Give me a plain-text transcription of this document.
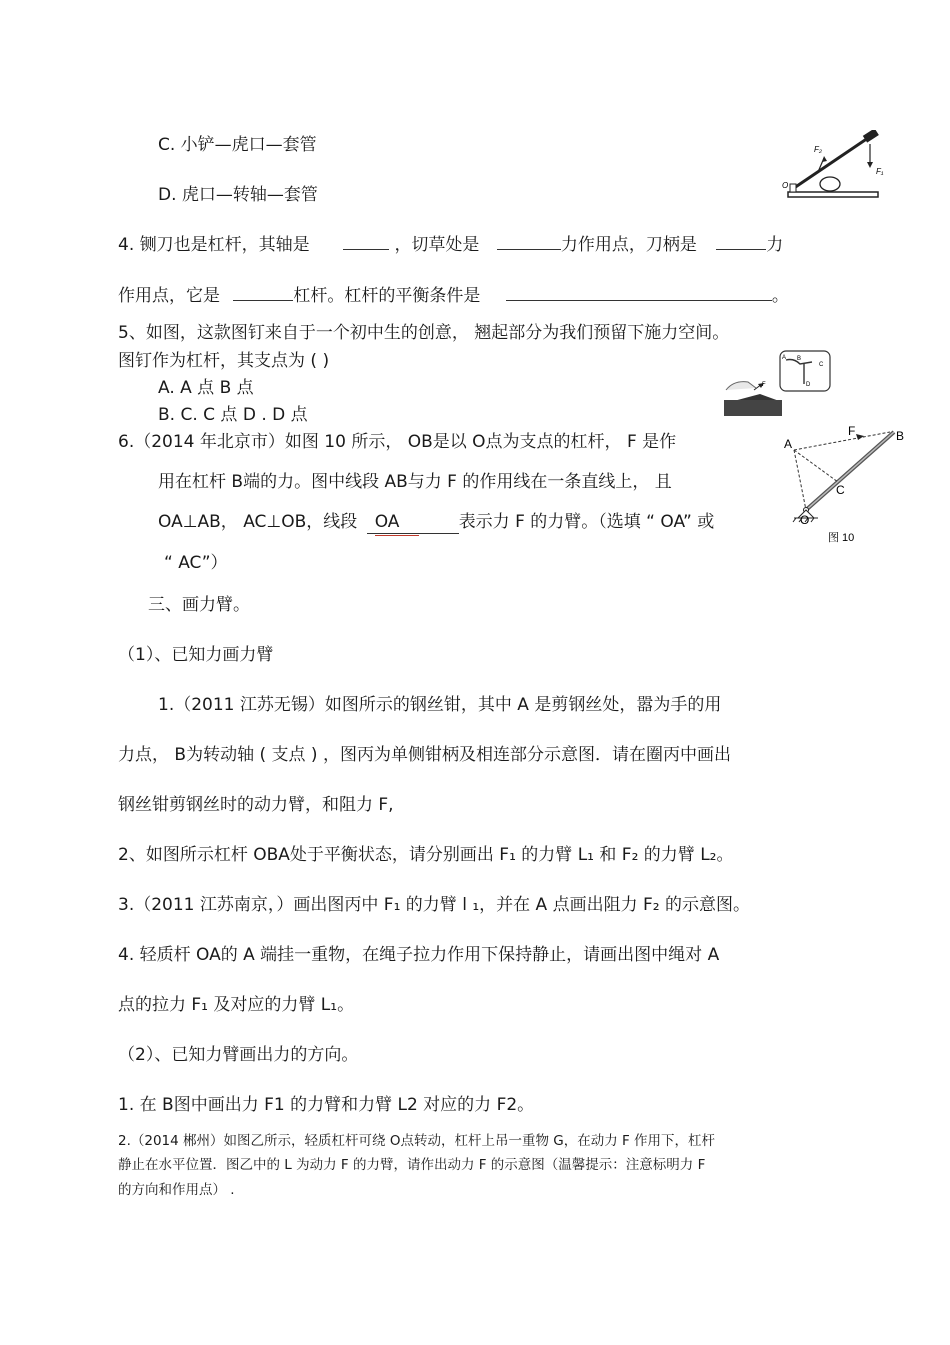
C. 小铲—虎口—套管
D. 虎口—转轴—套管
F₂
F₁
O
4. 铡刀也是杠杆，其轴是	，切草处是	力作用点，刀柄是	力
作用点，它是	杠杆。杠杆的平衡条件是	。
5、如图，这款图钉来自于一个初中生的创意， 翘起部分为我们预留下施力空间。
图钉作为杠杆，其支点为 ( )
A. A 点 B 点
B. C. C 点 D . D 点
A B
C
D
F
6.（2014 年北京市）如图 10 所示， OB是以 O点为支点的杠杆， F 是作
用在杠杆 B端的力。图中线段 AB与力 F 的作用线在一条直线上， 且
OA⊥AB， AC⊥OB，线段 OA	表示力 F 的力臂。（选填 “ OA” 或
“ AC”）
A
B
C
O
F
图 10
三、画力臂。
（1）、已知力画力臂
1.（2011 江苏无锡）如图所示的钢丝钳，其中 A 是剪钢丝处，嚣为手的用
力点， B为转动轴 ( 支点 ) ，图丙为单侧钳柄及相连部分示意图．请在圈丙中画出
钢丝钳剪钢丝时的动力臂，和阻力 F,
2、如图所示杠杆 OBA处于平衡状态，请分别画出 F₁ 的力臂 L₁ 和 F₂ 的力臂 L₂。
3.（2011 江苏南京，）画出图丙中 F₁ 的力臂 l ₁，并在 A 点画出阻力 F₂ 的示意图。
4. 轻质杆 OA的 A 端挂一重物，在绳子拉力作用下保持静止，请画出图中绳对 A
点的拉力 F₁ 及对应的力臂 L₁。
（2）、已知力臂画出力的方向。
1. 在 B图中画出力 F1 的力臂和力臂 L2 对应的力 F2。
2.（2014 郴州）如图乙所示，轻质杠杆可绕 O点转动，杠杆上吊一重物 G，在动力 F 作用下，杠杆
静止在水平位置．图乙中的 L 为动力 F 的力臂，请作出动力 F 的示意图（温馨提示：注意标明力 F
的方向和作用点） .
